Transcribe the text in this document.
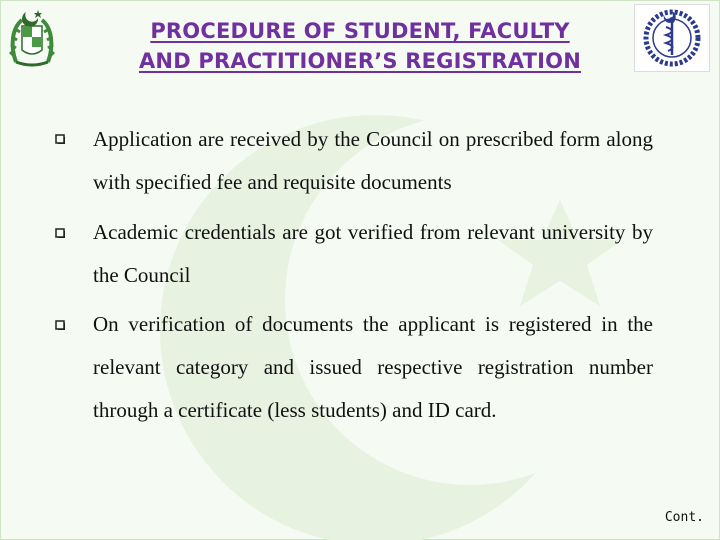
PROCEDURE OF STUDENT, FACULTY
AND PRACTITIONER’S REGISTRATION
Application are received by the Council on prescribed form along with specified fee and requisite documents
Academic credentials are got verified from relevant university by the Council
On verification of documents the applicant is registered in the relevant category and issued respective registration number through a certificate (less students) and ID card.
Cont.
